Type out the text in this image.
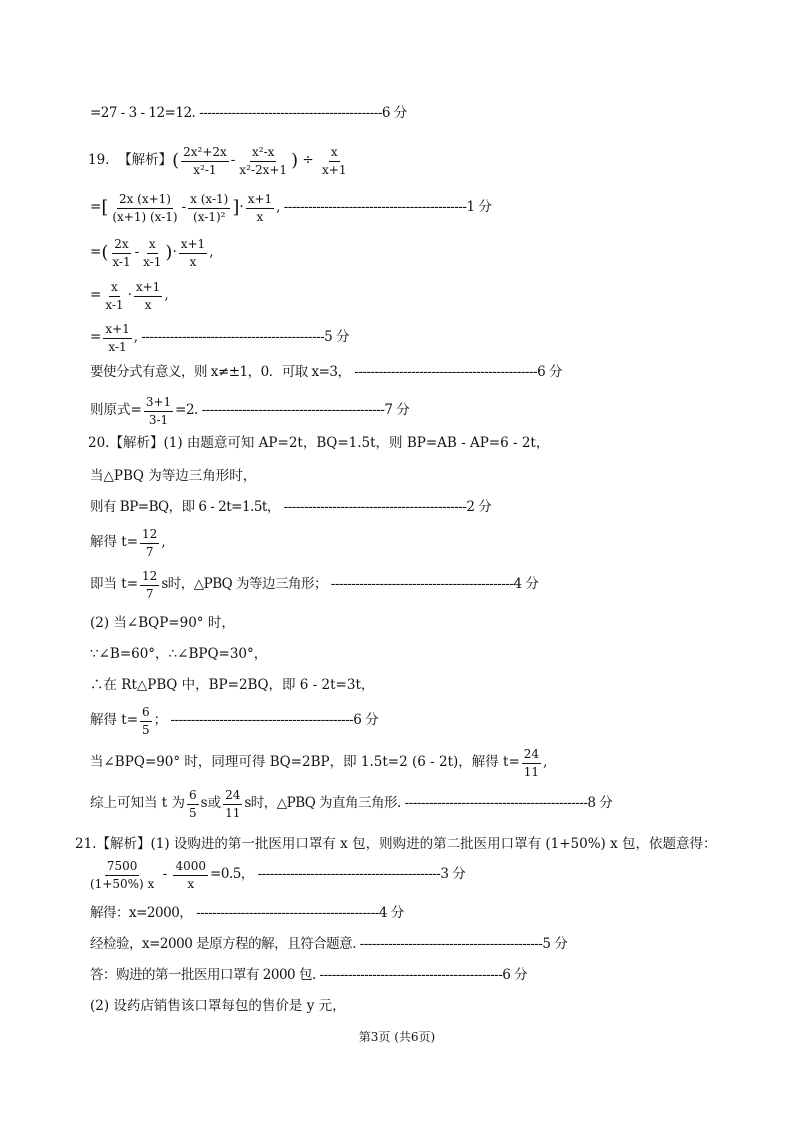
=27 - 3 - 12=12. ---------------------------------------------6 分
19.
【解析】 ( $\frac{\text{2x²+2x}}{\text{x²-1}} - \frac{\text{x²-x}}{\text{x²-2x+1}}$ )
÷
$\frac{x}{x+1}$
= [ $\frac{2x (x+1)}{(x+1) (x-1)} - \frac{x (x-1)}{\text{(x-1)²}}$ ] · $\frac{x+1}{x}$ , ---------------------------------------------1 分
= ( $\frac{2x}{x-1} - \frac{x}{x-1}$ ) · $\frac{x+1}{x}$ ,
= $\frac{x}{x-1} \cdot \frac{x+1}{x}$ ,
= $\frac{x+1}{x-1}$ , ---------------------------------------------5 分
要使分式有意义，则 x≠±1，0．可取 x=3， ---------------------------------------------6 分
则原式= $\frac{3+1}{3-1} =2$. ---------------------------------------------7 分
20.【解析】(1) 由题意可知 AP=2t，BQ=1.5t，则 BP=AB - AP=6 - 2t，
当△PBQ 为等边三角形时，
则有 BP=BQ，即 6 - 2t=1.5t， ---------------------------------------------2 分
解得 $t= \frac{12}{7}$ ,
即当 $t= \frac{12}{7}$ s时，△PBQ 为等边三角形； ---------------------------------------------4 分
(2) 当∠BQP=90° 时，
∵∠B=60°，∴∠BPQ=30°，
∴在 Rt△PBQ 中，BP=2BQ，即 6 - 2t=3t，
解得 $t= \frac{6}{5}$ ； ---------------------------------------------6 分
当∠BPQ=90° 时，同理可得 BQ=2BP，即 1.5t=2 (6 - 2t)，解得 $t= \frac{24}{11}$ ,
综上可知当 t 为 $\frac{6}{5}$ s或 $\frac{24}{11}$ s时，△PBQ 为直角三角形. ---------------------------------------------8 分
21.【解析】(1) 设购进的第一批医用口罩有 x 包，则购进的第二批医用口罩有 (1+50%) x 包，依题意得：
$\frac{7500}{(1+50\%) x} - \frac{4000}{x} =0.5$， ---------------------------------------------3 分
解得：x=2000， ---------------------------------------------4 分
经检验，x=2000 是原方程的解，且符合题意. ---------------------------------------------5 分
答：购进的第一批医用口罩有 2000 包. ---------------------------------------------6 分
(2) 设药店销售该口罩每包的售价是 y 元，
第3页 (共6页)
